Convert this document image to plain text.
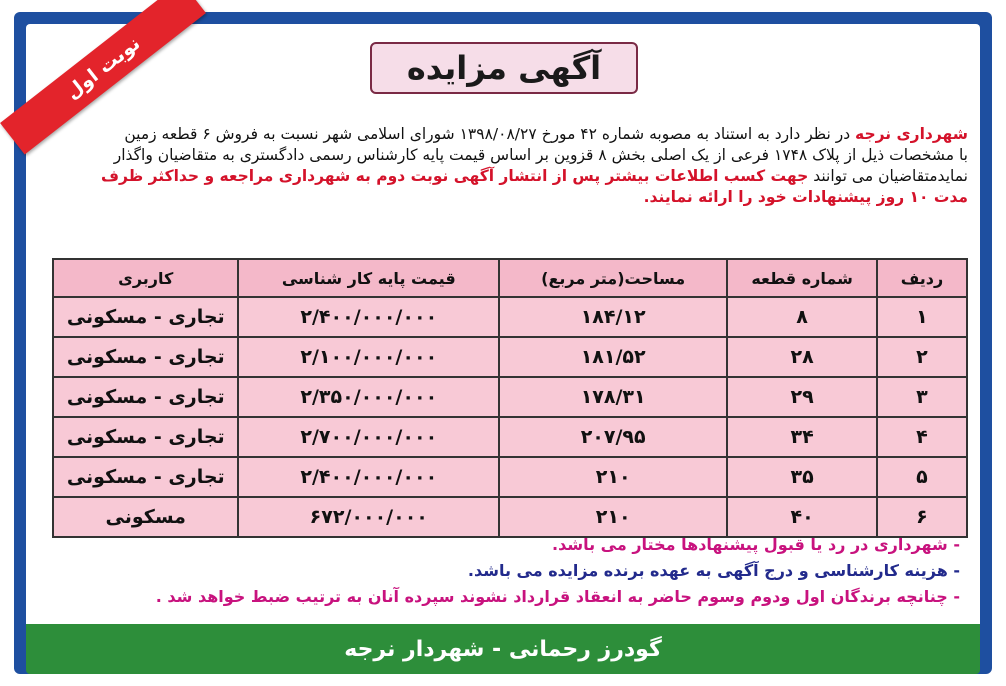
نوبت اول	آگهی مزایده
شهرداری نرجه در نظر دارد به استناد به مصوبه شماره ۴۲ مورخ ۱۳۹۸/۰۸/۲۷ شورای اسلامی شهر نسبت به فروش ۶ قطعه زمین
با مشخصات ذیل از پلاک ۱۷۴۸ فرعی از یک اصلی بخش ۸ قزوین بر اساس قیمت پایه کارشناس رسمی دادگستری به متقاضیان واگذار
نمایدمتقاضیان می توانند جهت کسب اطلاعات بیشتر پس از انتشار آگهی نوبت دوم به شهرداری مراجعه و حداکثر ظرف
مدت ۱۰ روز پیشنهادات خود را ارائه نمایند.
ردیف	شماره قطعه	مساحت(متر مربع)	قیمت پایه کار شناسی	کاربری
۱	۸	۱۸۴/۱۲	۲/۴۰۰/۰۰۰/۰۰۰	تجاری - مسکونی
۲	۲۸	۱۸۱/۵۲	۲/۱۰۰/۰۰۰/۰۰۰	تجاری - مسکونی
۳	۲۹	۱۷۸/۳۱	۲/۳۵۰/۰۰۰/۰۰۰	تجاری - مسکونی
۴	۳۴	۲۰۷/۹۵	۲/۷۰۰/۰۰۰/۰۰۰	تجاری - مسکونی
۵	۳۵	۲۱۰	۲/۴۰۰/۰۰۰/۰۰۰	تجاری - مسکونی
۶	۴۰	۲۱۰	۶۷۲/۰۰۰/۰۰۰	مسکونی
- شهرداری در رد یا قبول پیشنهادها مختار می باشد.
- هزینه کارشناسی و درج آگهی به عهده برنده مزایده می باشد.
- چنانچه برندگان اول ودوم وسوم حاضر به انعقاد قرارداد نشوند سپرده آنان به ترتیب ضبط خواهد شد .
گودرز رحمانی - شهردار نرجه
